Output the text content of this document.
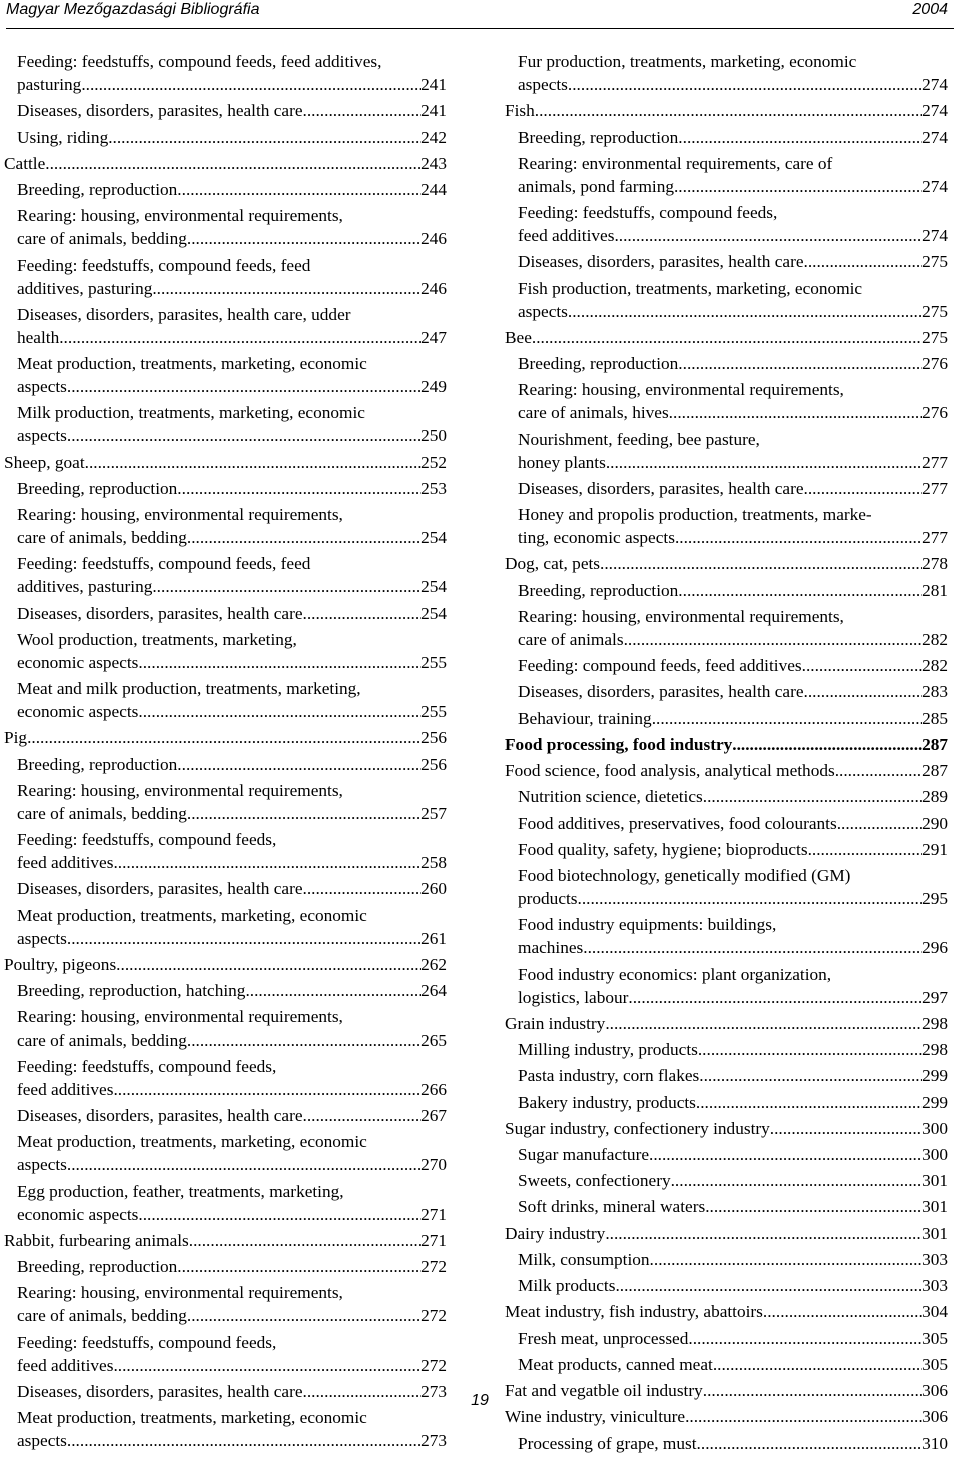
Magyar Mezőgazdasági Bibliográfia	2004
Feeding: feedstuffs, compound feeds, feed additives,
pasturing .....	241
Diseases, disorders, parasites, health care .....	241
Using, riding .....	242
Cattle .....	243
Breeding, reproduction .....	244
Rearing: housing, environmental requirements,
care of animals, bedding .....	246
Feeding: feedstuffs, compound feeds, feed
additives, pasturing .....	246
Diseases, disorders, parasites, health care, udder
health .....	247
Meat production, treatments, marketing, economic
aspects .....	249
Milk production, treatments, marketing, economic
aspects .....	250
Sheep, goat .....	252
Breeding, reproduction .....	253
Rearing: housing, environmental requirements,
care of animals, bedding .....	254
Feeding: feedstuffs, compound feeds, feed
additives, pasturing .....	254
Diseases, disorders, parasites, health care .....	254
Wool production, treatments, marketing,
economic aspects .....	255
Meat and milk production, treatments, marketing,
economic aspects .....	255
Pig .....	256
Breeding, reproduction .....	256
Rearing: housing, environmental requirements,
care of animals, bedding .....	257
Feeding: feedstuffs, compound feeds,
feed additives .....	258
Diseases, disorders, parasites, health care .....	260
Meat production, treatments, marketing, economic
aspects .....	261
Poultry, pigeons .....	262
Breeding, reproduction, hatching .....	264
Rearing: housing, environmental requirements,
care of animals, bedding .....	265
Feeding: feedstuffs, compound feeds,
feed additives .....	266
Diseases, disorders, parasites, health care .....	267
Meat production, treatments, marketing, economic
aspects .....	270
Egg production, feather, treatments, marketing,
economic aspects .....	271
Rabbit, furbearing animals .....	271
Breeding, reproduction .....	272
Rearing: housing, environmental requirements,
care of animals, bedding .....	272
Feeding: feedstuffs, compound feeds,
feed additives .....	272
Diseases, disorders, parasites, health care .....	273
Meat production, treatments, marketing, economic
aspects .....	273
Fur production, treatments, marketing, economic
aspects .....	274
Fish .....	274
Breeding, reproduction .....	274
Rearing: environmental requirements, care of
animals, pond farming .....	274
Feeding: feedstuffs, compound feeds,
feed additives .....	274
Diseases, disorders, parasites, health care .....	275
Fish production, treatments, marketing, economic
aspects .....	275
Bee .....	275
Breeding, reproduction .....	276
Rearing: housing, environmental requirements,
care of animals, hives .....	276
Nourishment, feeding, bee pasture,
honey plants .....	277
Diseases, disorders, parasites, health care .....	277
Honey and propolis production, treatments, marke-
ting, economic aspects .....	277
Dog, cat, pets .....	278
Breeding, reproduction .....	281
Rearing: housing, environmental requirements,
care of animals .....	282
Feeding: compound feeds, feed additives .....	282
Diseases, disorders, parasites, health care .....	283
Behaviour, training .....	285
Food processing, food industry .....	287
Food science, food analysis, analytical methods .....	287
Nutrition science, dietetics .....	289
Food additives, preservatives, food colourants .....	290
Food quality, safety, hygiene; bioproducts .....	291
Food biotechnology, genetically modified (GM)
products .....	295
Food industry equipments: buildings,
machines .....	296
Food industry economics: plant organization,
logistics, labour .....	297
Grain industry .....	298
Milling industry, products .....	298
Pasta industry, corn flakes .....	299
Bakery industry, products .....	299
Sugar industry, confectionery industry .....	300
Sugar manufacture .....	300
Sweets, confectionery .....	301
Soft drinks, mineral waters .....	301
Dairy industry .....	301
Milk, consumption .....	303
Milk products .....	303
Meat industry, fish industry, abattoirs .....	304
Fresh meat, unprocessed .....	305
Meat products, canned meat .....	305
Fat and vegatble oil industry .....	306
Wine industry, viniculture .....	306
Processing of grape, must .....	310
19
